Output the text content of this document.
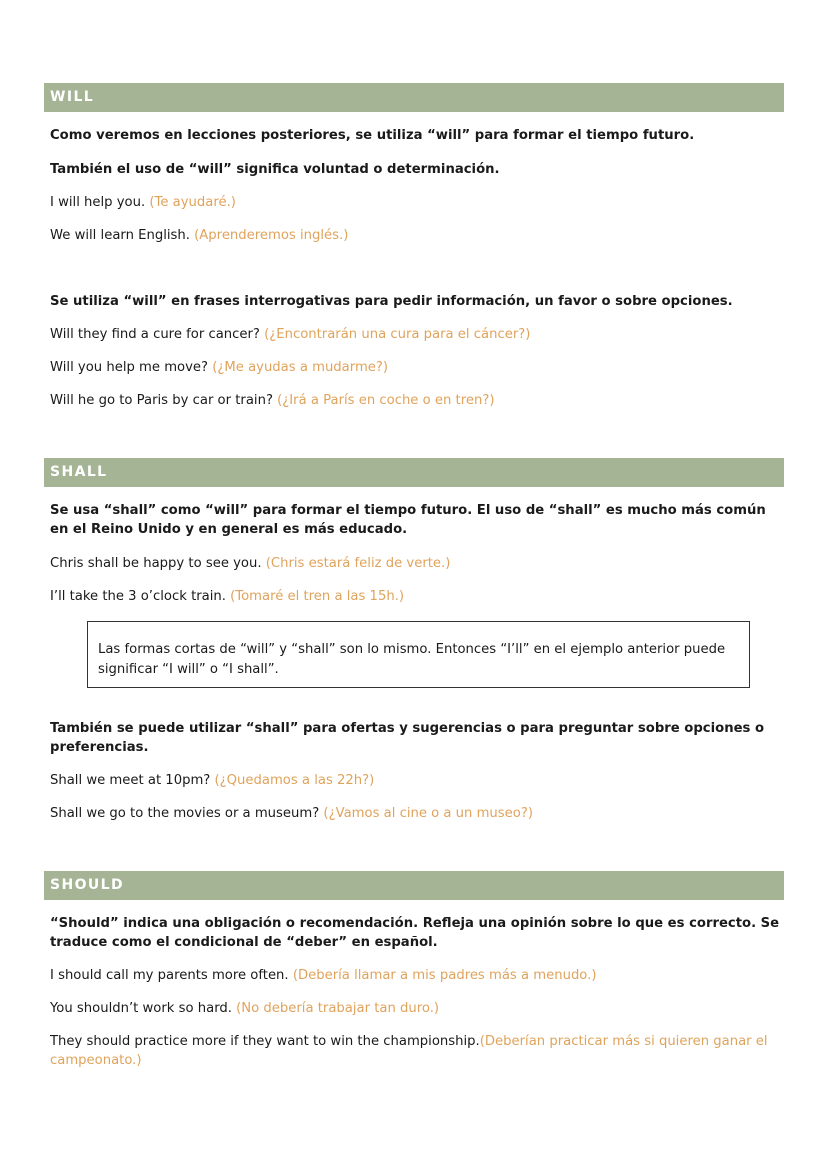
WILL
Como veremos en lecciones posteriores, se utiliza “will” para formar el tiempo futuro.
También el uso de “will” significa voluntad o determinación.
I will help you. (Te ayudaré.)
We will learn English. (Aprenderemos inglés.)
Se utiliza “will” en frases interrogativas para pedir información, un favor o sobre opciones.
Will they find a cure for cancer? (¿Encontrarán una cura para el cáncer?)
Will you help me move? (¿Me ayudas a mudarme?)
Will he go to Paris by car or train? (¿Irá a París en coche o en tren?)
SHALL
Se usa “shall” como “will” para formar el tiempo futuro. El uso de “shall” es mucho más común en el Reino Unido y en general es más educado.
Chris shall be happy to see you. (Chris estará feliz de verte.)
I’ll take the 3 o’clock train. (Tomaré el tren a las 15h.)
Las formas cortas de “will” y “shall” son lo mismo. Entonces “I’ll” en el ejemplo anterior puede significar “I will” o “I shall”.
También se puede utilizar “shall” para ofertas y sugerencias o para preguntar sobre opciones o preferencias.
Shall we meet at 10pm? (¿Quedamos a las 22h?)
Shall we go to the movies or a museum? (¿Vamos al cine o a un museo?)
SHOULD
“Should” indica una obligación o recomendación. Refleja una opinión sobre lo que es correcto. Se traduce como el condicional de “deber” en español.
I should call my parents more often. (Debería llamar a mis padres más a menudo.)
You shouldn’t work so hard. (No debería trabajar tan duro.)
They should practice more if they want to win the championship.(Deberían practicar más si quieren ganar el campeonato.)
